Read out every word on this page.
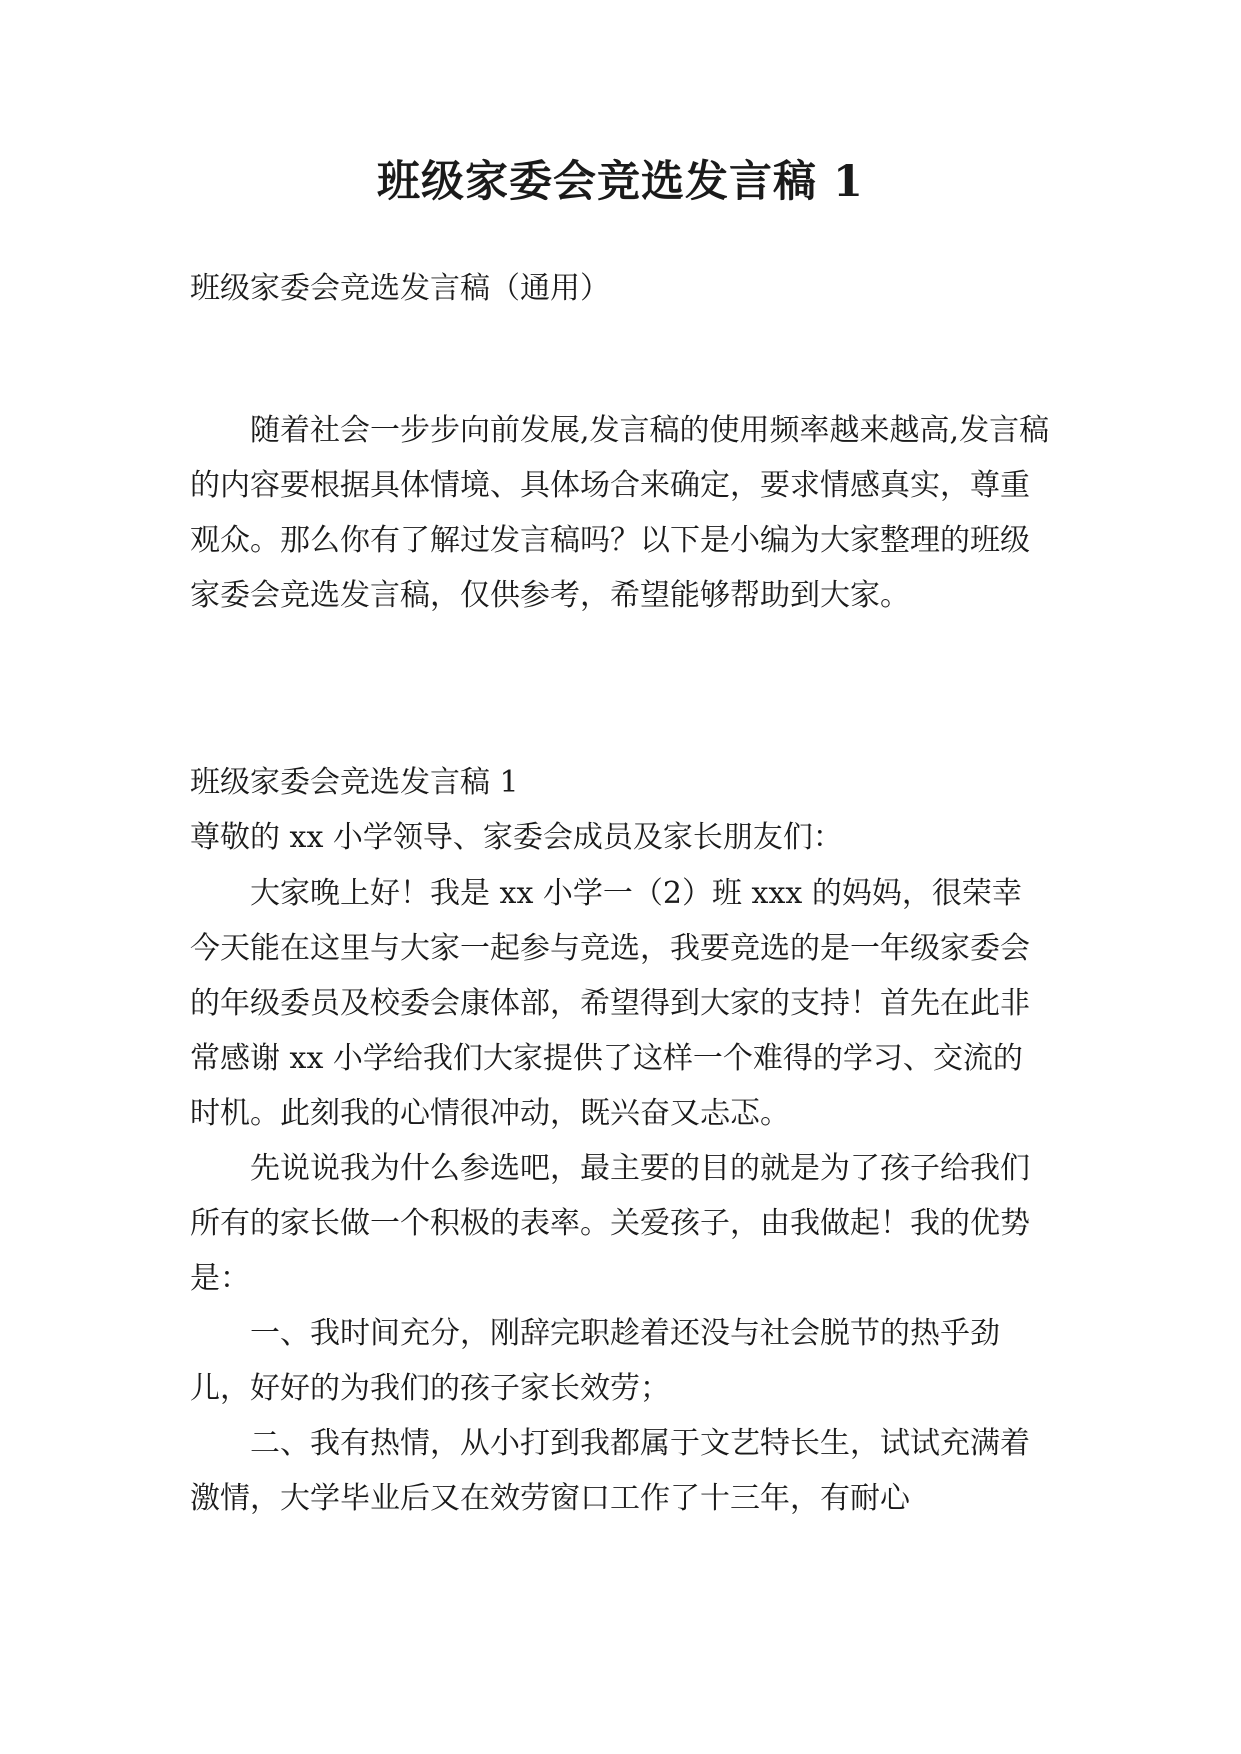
班级家委会竞选发言稿 1

班级家委会竞选发言稿（通用）

随着社会一步步向前发展,发言稿的使用频率越来越高,发言稿的内容要根据具体情境、具体场合来确定，要求情感真实，尊重观众。那么你有了解过发言稿吗？以下是小编为大家整理的班级家委会竞选发言稿，仅供参考，希望能够帮助到大家。

班级家委会竞选发言稿 1

尊敬的 xx 小学领导、家委会成员及家长朋友们：

大家晚上好！我是 xx 小学一（2）班 xxx 的妈妈，很荣幸今天能在这里与大家一起参与竞选，我要竞选的是一年级家委会的年级委员及校委会康体部，希望得到大家的支持！首先在此非常感谢 xx 小学给我们大家提供了这样一个难得的学习、交流的时机。此刻我的心情很冲动，既兴奋又忐忑。

先说说我为什么参选吧，最主要的目的就是为了孩子给我们所有的家长做一个积极的表率。关爱孩子，由我做起！我的优势是：

一、我时间充分，刚辞完职趁着还没与社会脱节的热乎劲儿，好好的为我们的孩子家长效劳；

二、我有热情，从小打到我都属于文艺特长生，试试充满着激情，大学毕业后又在效劳窗口工作了十三年，有耐心
